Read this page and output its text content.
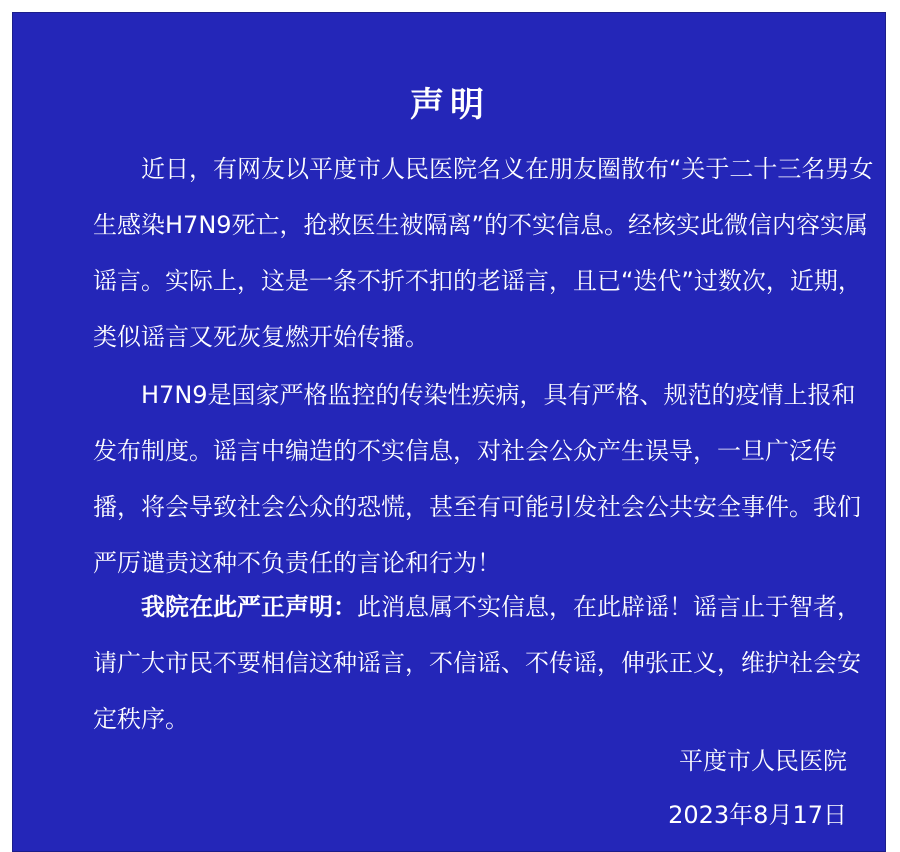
声明
近日，有网友以平度市人民医院名义在朋友圈散布“关于二十三名男女
生感染H7N9死亡，抢救医生被隔离”的不实信息。经核实此微信内容实属
谣言。实际上，这是一条不折不扣的老谣言，且已“迭代”过数次，近期，
类似谣言又死灰复燃开始传播。
H7N9是国家严格监控的传染性疾病，具有严格、规范的疫情上报和
发布制度。谣言中编造的不实信息，对社会公众产生误导，一旦广泛传
播，将会导致社会公众的恐慌，甚至有可能引发社会公共安全事件。我们
严厉谴责这种不负责任的言论和行为！
我院在此严正声明：此消息属不实信息，在此辟谣！谣言止于智者，
请广大市民不要相信这种谣言，不信谣、不传谣，伸张正义，维护社会安
定秩序。

平度市人民医院

2023年8月17日
